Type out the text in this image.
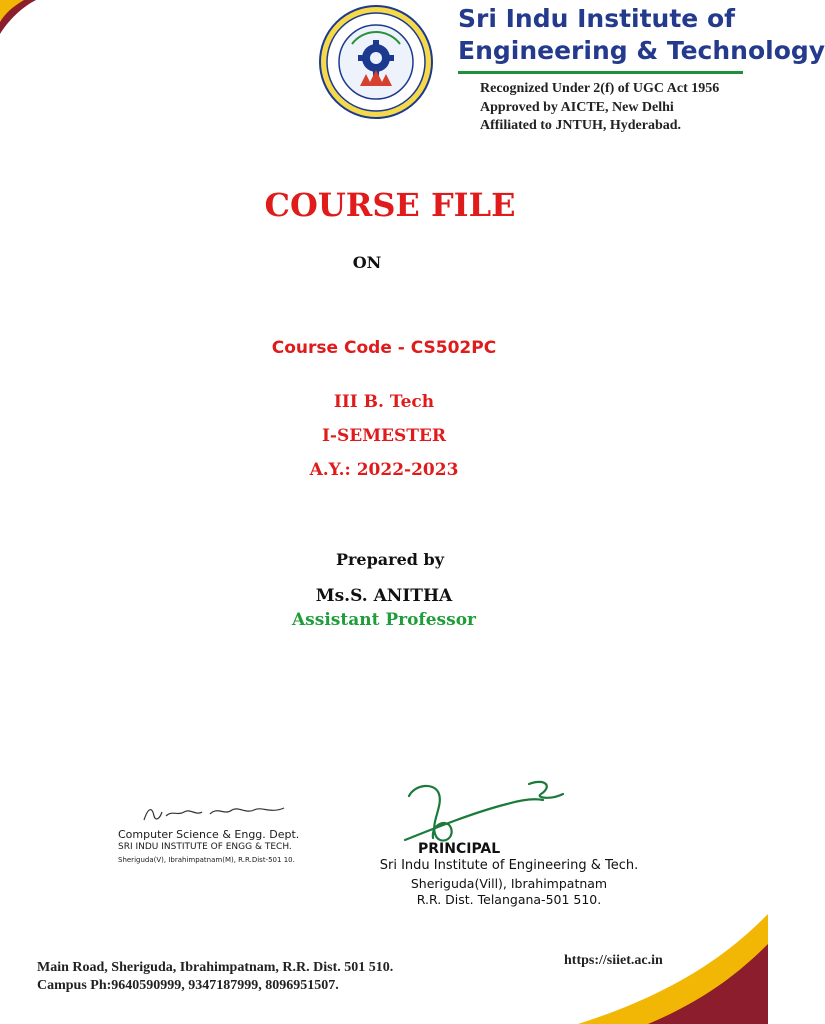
Sri Indu Institute of
Engineering & Technology
Recognized Under 2(f) of UGC Act 1956
Approved by AICTE, New Delhi
Affiliated to JNTUH, Hyderabad.
COURSE FILE
ON
Course Code - CS502PC
III B. Tech
I-SEMESTER
A.Y.: 2022-2023
Prepared by
Ms.S. ANITHA
Assistant Professor
Computer Science & Engg. Dept.
SRI INDU INSTITUTE OF ENGG & TECH.
Sheriguda(V), Ibrahimpatnam(M), R.R.Dist-501 10.
PRINCIPAL
Sri Indu Institute of Engineering & Tech.
Sheriguda(Vill), Ibrahimpatnam
R.R. Dist. Telangana-501 510.
Main Road, Sheriguda, Ibrahimpatnam, R.R. Dist. 501 510.
Campus Ph:9640590999, 9347187999, 8096951507.
https://siiet.ac.in
